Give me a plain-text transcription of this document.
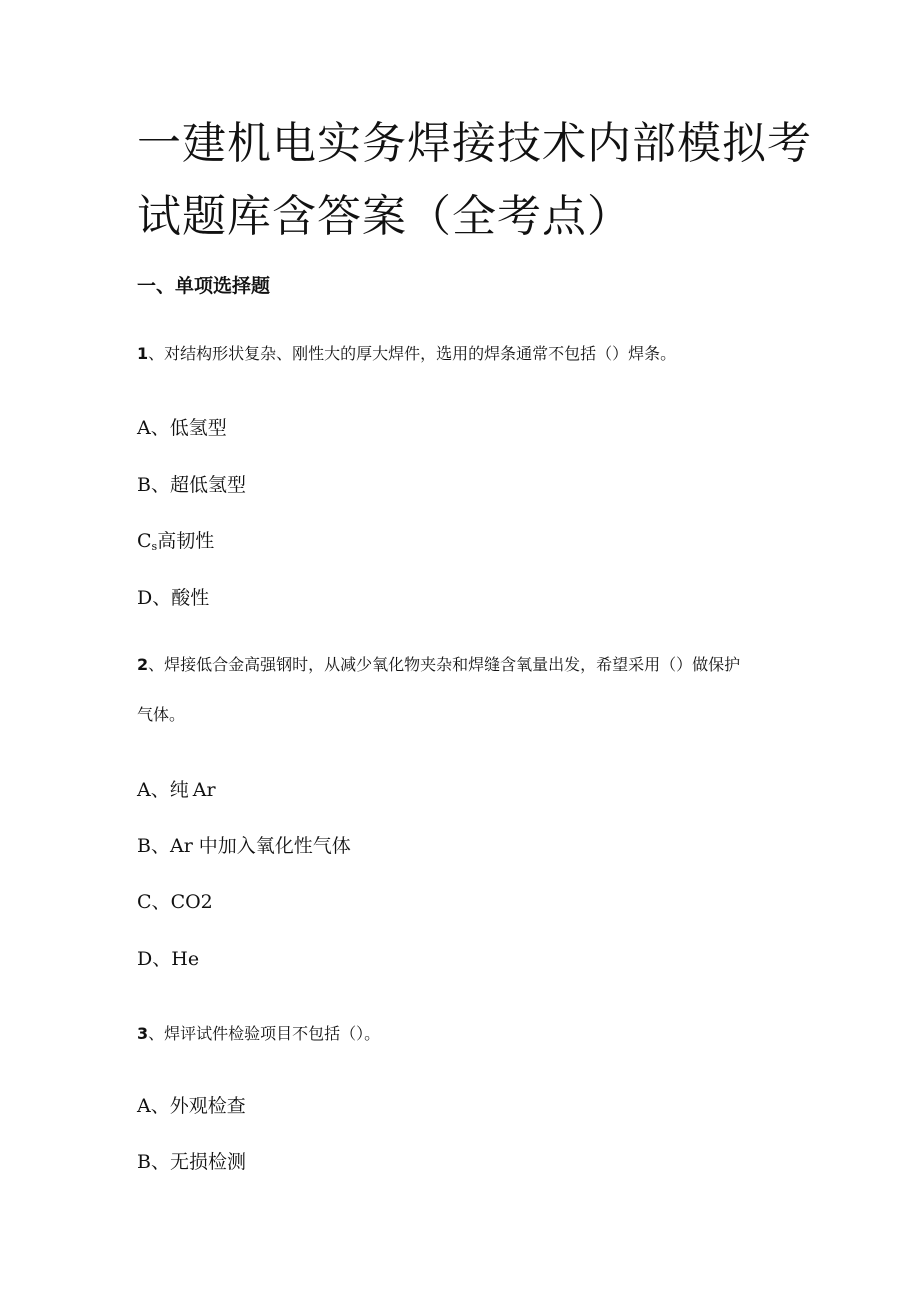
一建机电实务焊接技术内部模拟考
试题库含答案（全考点）
一、单项选择题
1、对结构形状复杂、刚性大的厚大焊件，选用的焊条通常不包括（）焊条。
A、低氢型
B、超低氢型
$C_s$高韧性
D、酸性
2、焊接低合金高强钢时，从减少氧化物夹杂和焊缝含氧量出发，希望采用（）做保护
气体。
A、纯 Ar
B、Ar 中加入氧化性气体
C、CO2
D、He
3、焊评试件检验项目不包括（）。
A、外观检查
B、无损检测
